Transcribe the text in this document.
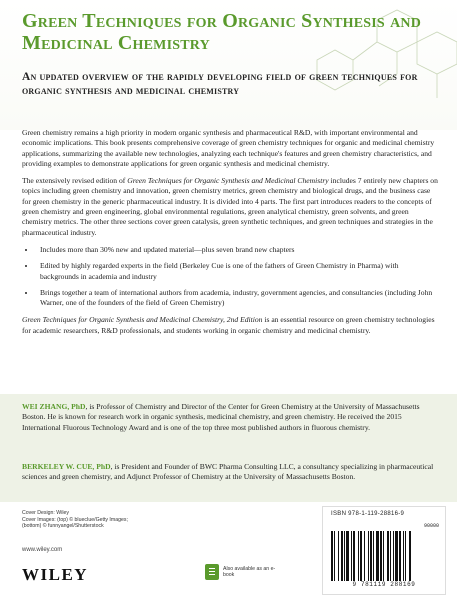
Green Techniques for Organic Synthesis and Medicinal Chemistry
An updated overview of the rapidly developing field of green techniques for organic synthesis and medicinal chemistry

Green chemistry remains a high priority in modern organic synthesis and pharmaceutical R&D, with important environmental and economic implications. This book presents comprehensive coverage of green chemistry techniques for organic and medicinal chemistry applications, summarizing the available new technologies, analyzing each technique's features and green chemistry characteristics, and providing examples to demonstrate applications for green organic synthesis and medicinal chemistry.

The extensively revised edition of Green Techniques for Organic Synthesis and Medicinal Chemistry includes 7 entirely new chapters on topics including green chemistry and innovation, green chemistry metrics, green chemistry and biological drugs, and the business case for green chemistry in the generic pharmaceutical industry. It is divided into 4 parts. The first part introduces readers to the concepts of green chemistry and green engineering, global environmental regulations, green analytical chemistry, green solvents, and green chemistry metrics. The other three sections cover green catalysis, green synthetic techniques, and green techniques and strategies in the pharmaceutical industry.

• Includes more than 30% new and updated material—plus seven brand new chapters
• Edited by highly regarded experts in the field (Berkeley Cue is one of the fathers of Green Chemistry in Pharma) with backgrounds in academia and industry
• Brings together a team of international authors from academia, industry, government agencies, and consultancies (including John Warner, one of the founders of the field of Green Chemistry)

Green Techniques for Organic Synthesis and Medicinal Chemistry, 2nd Edition is an essential resource on green chemistry technologies for academic researchers, R&D professionals, and students working in organic chemistry and medicinal chemistry.

WEI ZHANG, PhD, is Professor of Chemistry and Director of the Center for Green Chemistry at the University of Massachusetts Boston. He is known for research work in organic synthesis, medicinal chemistry, and green chemistry. He received the 2015 International Fluorous Technology Award and is one of the top three most published authors in fluorous chemistry.

BERKELEY W. CUE, PhD, is President and Founder of BWC Pharma Consulting LLC, a consultancy specializing in pharmaceutical sciences and green chemistry, and Adjunct Professor of Chemistry at the University of Massachusetts Boston.

Cover Design: Wiley
Cover Images: (top) © bluecIue/Getty Images;
(bottom) © funnyangel/Shutterstock
www.wiley.com
WILEY	Also available as an e-book
ISBN 978-1-119-28816-9
90000
9 781119 288169
